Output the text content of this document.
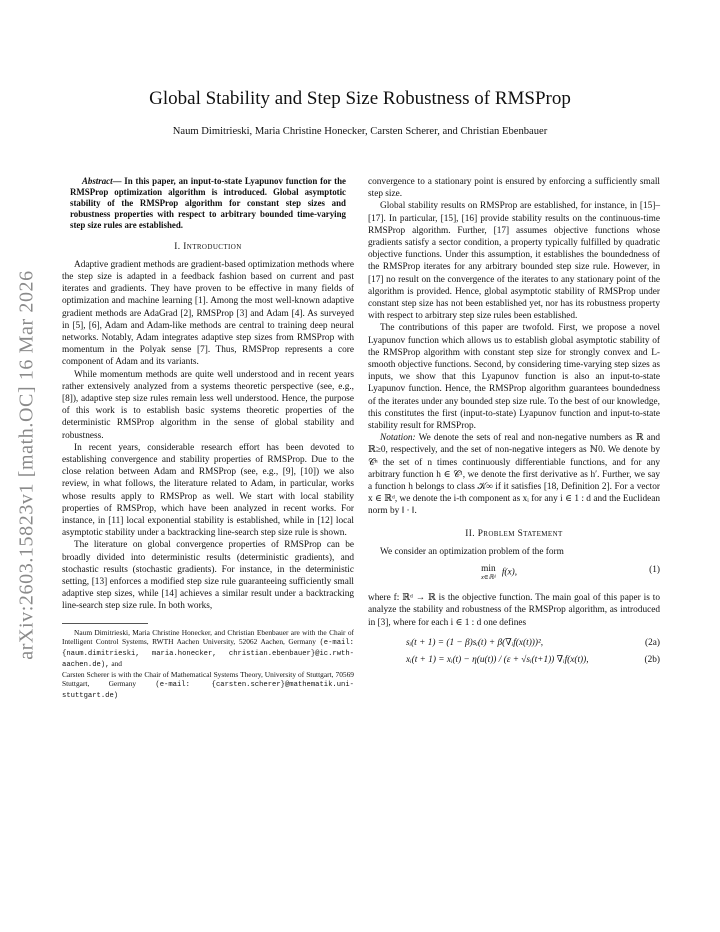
arXiv:2603.15823v1 [math.OC] 16 Mar 2026
Global Stability and Step Size Robustness of RMSProp
Naum Dimitrieski, Maria Christine Honecker, Carsten Scherer, and Christian Ebenbauer

Abstract— In this paper, an input-to-state Lyapunov function for the RMSProp optimization algorithm is introduced. Global asymptotic stability of the RMSProp algorithm for constant step sizes and robustness properties with respect to arbitrary bounded time-varying step size rules are established.

I. Introduction

Adaptive gradient methods are gradient-based optimization methods where the step size is adapted in a feedback fashion based on current and past iterates and gradients. They have proven to be effective in many fields of optimization and machine learning [1]. Among the most well-known adaptive gradient methods are AdaGrad [2], RMSProp [3] and Adam [4]. As surveyed in [5], [6], Adam and Adam-like methods are central to training deep neural networks. Notably, Adam integrates adaptive step sizes from RMSProp with momentum in the Polyak sense [7]. Thus, RMSProp represents a core component of Adam and its variants.

While momentum methods are quite well understood and in recent years rather extensively analyzed from a systems theoretic perspective (see, e.g., [8]), adaptive step size rules remain less well understood. Hence, the purpose of this work is to establish basic systems theoretic properties of the deterministic RMSProp algorithm in the sense of global stability and robustness.

In recent years, considerable research effort has been devoted to establishing convergence and stability properties of RMSProp. Due to the close relation between Adam and RMSProp (see, e.g., [9], [10]) we also review, in what follows, the literature related to Adam, in particular, works whose results apply to RMSProp as well. We start with local stability properties of RMSProp, which have been analyzed in recent works. For instance, in [11] local exponential stability is established, while in [12] local asymptotic stability under a backtracking line-search step size rule is shown.

The literature on global convergence properties of RMSProp can be broadly divided into deterministic results (deterministic gradients), and stochastic results (stochastic gradients). For instance, in the deterministic setting, [13] enforces a modified step size rule guaranteeing sufficiently small adaptive step sizes, while [14] achieves a similar result under a backtracking line-search step size rule. In both works,

Naum Dimitrieski, Maria Christine Honecker, and Christian Ebenbauer are with the Chair of Intelligent Control Systems, RWTH Aachen University, 52062 Aachen, Germany (e-mail: {naum.dimitrieski, maria.honecker, christian.ebenbauer}@ic.rwth-aachen.de), and

Carsten Scherer is with the Chair of Mathematical Systems Theory, University of Stuttgart, 70569 Stuttgart, Germany	(e-mail: {carsten.scherer}@mathematik.uni-stuttgart.de)

convergence to a stationary point is ensured by enforcing a sufficiently small step size.

Global stability results on RMSProp are established, for instance, in [15]–[17]. In particular, [15], [16] provide stability results on the continuous-time RMSProp algorithm. Further, [17] assumes objective functions whose gradients satisfy a sector condition, a property typically fulfilled by quadratic objective functions. Under this assumption, it establishes the boundedness of the RMSProp iterates for any arbitrary bounded step size rule. However, in [17] no result on the convergence of the iterates to any stationary point of the algorithm is provided. Hence, global asymptotic stability of RMSProp under constant step size has not been established yet, nor has its robustness property with respect to arbitrary step size rules been established.

The contributions of this paper are twofold. First, we propose a novel Lyapunov function which allows us to establish global asymptotic stability of the RMSProp algorithm with constant step size for strongly convex and L-smooth objective functions. Second, by considering time-varying step sizes as inputs, we show that this Lyapunov function is also an input-to-state Lyapunov function. Hence, the RMSProp algorithm guarantees boundedness of the iterates under any bounded step size rule. To the best of our knowledge, this constitutes the first (input-to-state) Lyapunov function and input-to-state stability result for RMSProp.

Notation: We denote the sets of real and non-negative numbers as ℝ and ℝ≥0, respectively, and the set of non-negative integers as ℕ0. We denote by 𝒞ⁿ the set of n times continuously differentiable functions, and for any arbitrary function h ∈ 𝒞¹, we denote the first derivative as h′. Further, we say a function h belongs to class 𝒦∞ if it satisfies [18, Definition 2]. For a vector x ∈ ℝᵈ, we denote the i-th component as xᵢ for any i ∈ 1 : d and the Euclidean norm by ‖ · ‖.

II. Problem Statement

We consider an optimization problem of the form

min
x∈ℝᵈ f(x),	(1)

where f: ℝᵈ → ℝ is the objective function. The main goal of this paper is to analyze the stability and robustness of the RMSProp algorithm, as introduced in [3], where for each i ∈ 1 : d one defines

sᵢ(t + 1) = (1 − β)sᵢ(t) + β(∇ᵢf(x(t)))²,	(2a)
xᵢ(t + 1) = xᵢ(t) − η(u(t)) / (ε + √sᵢ(t+1)) ∇ᵢf(x(t)),	(2b)
